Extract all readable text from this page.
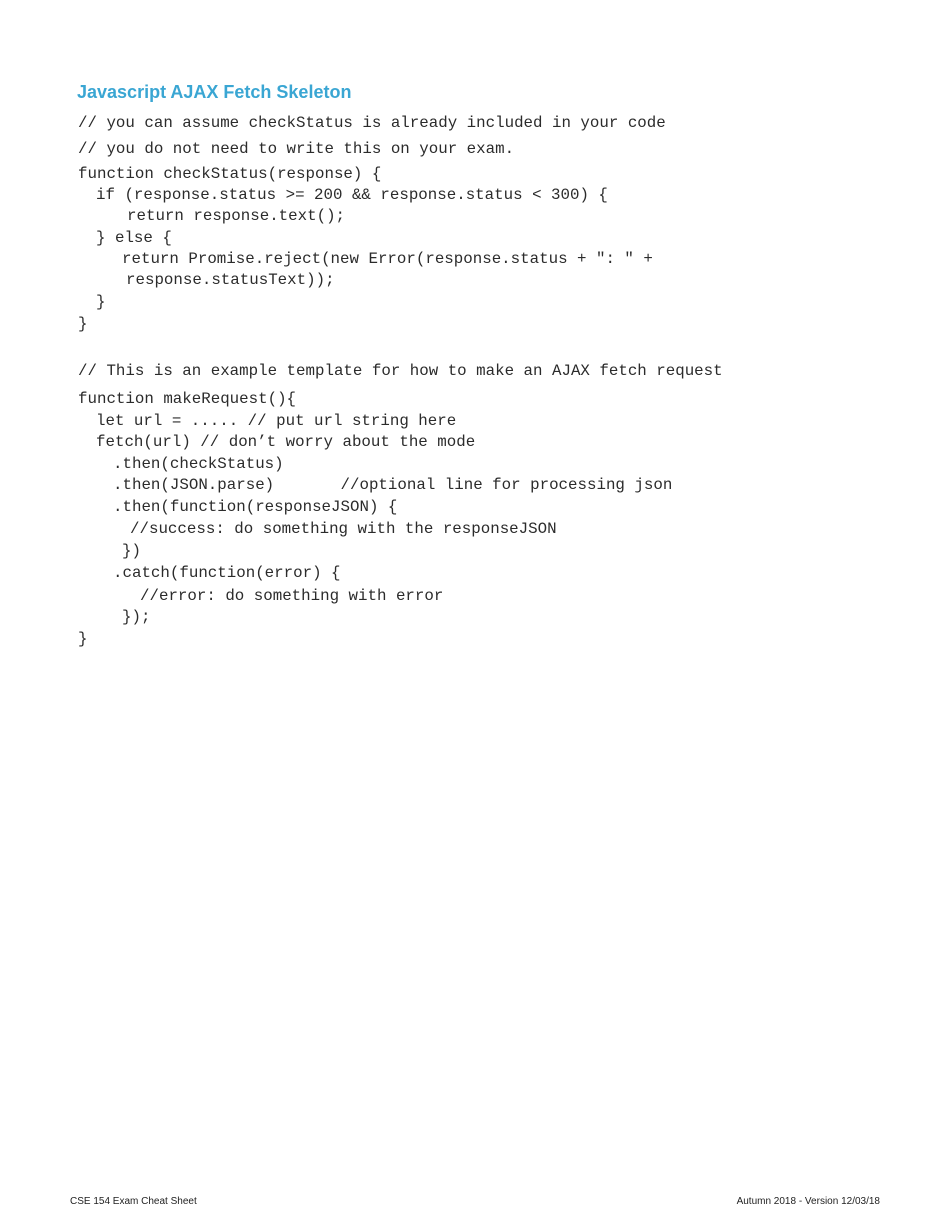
Javascript AJAX Fetch Skeleton
// you can assume checkStatus is already included in your code
// you do not need to write this on your exam.
function checkStatus(response) {
if (response.status >= 200 && response.status < 300) {
return response.text();
} else {
return Promise.reject(new Error(response.status + ": " +
response.statusText));
}
}
// This is an example template for how to make an AJAX fetch request
function makeRequest(){
let url = ..... // put url string here
fetch(url) // don’t worry about the mode
.then(checkStatus)
.then(JSON.parse)       //optional line for processing json
.then(function(responseJSON) {
//success: do something with the responseJSON
})
.catch(function(error) {
//error: do something with error
});
}
CSE 154 Exam Cheat Sheet	Autumn 2018 - Version 12/03/18
